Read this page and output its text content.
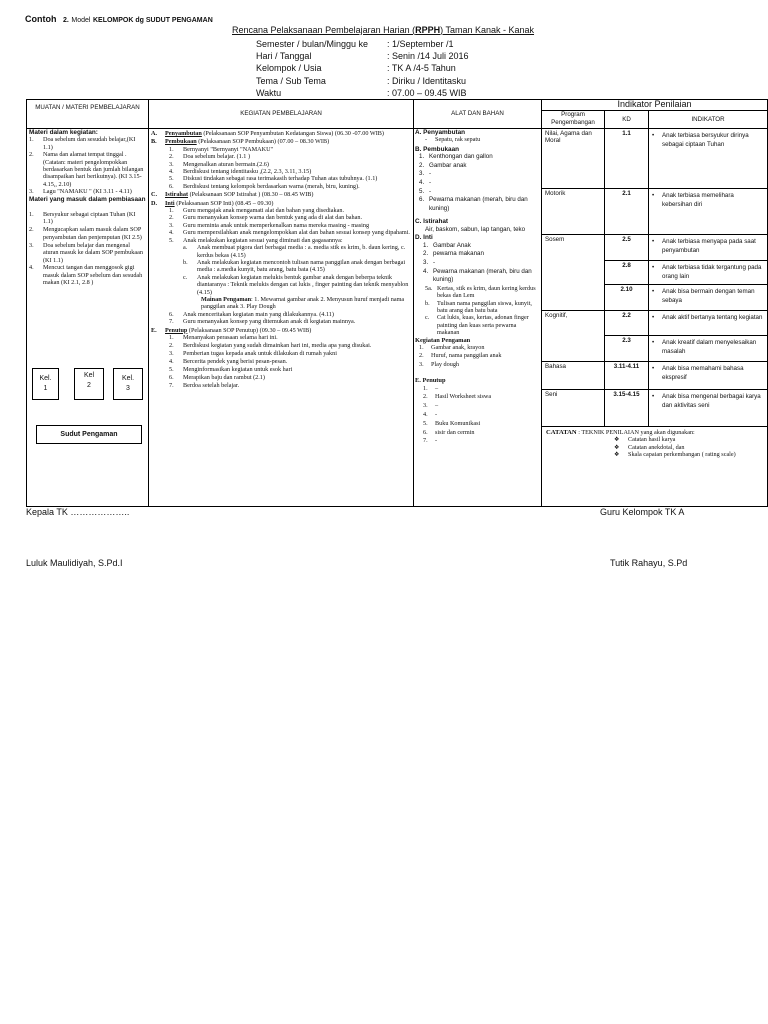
Contoh 2. Model KELOMPOK dg SUDUT PENGAMAN
Rencana Pelaksanaan Pembelajaran Harian (RPPH) Taman Kanak - Kanak
Semester / bulan/Minggu ke	: 1/September /1
Hari / Tanggal	: Senin /14 Juli 2016
Kelompok / Usia	: TK A /4-5 Tahun
Tema / Sub Tema	: Diriku / Identitasku
Waktu	: 07.00 – 09.45 WIB
MUATAN / MATERI PEMBELAJARAN
KEGIATAN PEMBELAJARAN	ALAT DAN BAHAN
Indikator Penilaian
Program Pengembangan	KD	INDIKATOR
Materi dalam kegiatan:
1.	Doa sebelum dan sesudah belajar,(KI 1.1)
2.	Nama dan alamat tempat tinggal . (Catatan: materi pengelompokkan berdasarkan bentuk dan jumlah bilangan disampaikan hari berikutnya). (KI 3.15-4.15,, 2.10)
3.	Lagu "NAMAKU " (KI 3.11 - 4.11)
Materi yang masuk dalam pembiasaan
1.	Bersyukur sebagai ciptaan Tuhan (KI 1.1)
2.	Mengucapkan salam masuk dalam SOP penyambutan dan penjemputan (KI 2.5)
3.	Doa sebelum belajar dan mengenal aturan masuk ke dalam SOP pembukaan (KI 1.1)
4.	Mencuci tangan dan menggosok gigi masuk dalam SOP sebelum dan sesudah makan (KI 2.1, 2.8 )
Kel.
1
Kel
2
Kel.
3
Sudut Pengaman
A.	Penyambutan (Pelaksanaan SOP Penyambutan Kedatangan Siswa) (06.30 -07.00 WIB)
B.	Pembukaan (Pelaksanaan SOP Pembukaan) (07.00 – 08.30 WIB)
1.	Bernyanyi "Bernyanyi "NAMAKU"
2.	Doa sebelum belajar. (1.1 )
3.	Mengenalkan aturan bermain.(2.6)
4.	Berdiskusi tentang identitasku ,(2.2, 2.3, 3.11, 3.15)
5.	Diskusi tindakan sebagai rasa terimakasih terhadap Tuhan atas tubuhnya. (1.1)
6.	Berdiskusi tentang kelompok berdasarkan warna (merah, biru, kuning).
C.	Istirahat (Pelaksanaan SOP Istirahat ) (08.30 – 08.45 WIB)
D.	Inti (Pelaksanaan SOP Inti) (08.45 – 09.30)
1.	Guru mengajak anak mengamati alat dan bahan yang disediakan.
2.	Guru menanyakan konsep warna dan bentuk yang ada di alat dan bahan.
3.	Guru meminta anak untuk memperkenalkan nama mereka masing - masing
4.	Guru mempersilahkan anak mengelompokkan alat dan bahan sesuai konsep yang dipahami.
5.	Anak melakukan kegiatan sesuai yang diminati dan gagasannya:
a.	Anak membuat pigora dari berbagai media : a. media stik es krim, b. daun kering, c. kerdus bekas (4.15)
b.	Anak melakukan kegiatan mencontoh tulisan nama panggilan anak dengan berbagai media : a.media kunyit, batu arang, batu bata (4.15)
c.	Anak melakukan kegiatan melukis bentuk gambar anak dengan beberpa teknik diantaranya : Teknik melukis dengan cat lukis , finger painting dan teknik menyablon (4.15)
Mainan Pengaman: 1. Mewarnai gambar anak 2. Menyusun huruf menjadi nama panggilan anak 3. Play Dough
6.	Anak menceritakan kegiatan main yang dilakukannya. (4.11)
7.	Guru menanyakan konsep yang ditemukan anak di kegiatan mainnya.
E.	Penutup (Pelaksanaan SOP Penutup) (09.30 – 09.45 WIB)
1.	Menanyakan perasaan selama hari ini.
2.	Berdiskusi kegiatan yang sudah dimainkan hari ini, media apa yang disukai.
3.	Pemberian tugas kepada anak untuk dilakukan di rumah yakni
4.	Bercerita pendek yang berisi pesan-pesan.
5.	Menginformasikan kegiatan untuk esok hari
6.	Merapikan baju dan rambut (2.1)
7.	Berdoa setelah belajar.
A. Penyambutan
-	Sepatu, rak sepatu
B. Pembukaan
1. Kenthongan dan gallon
2. Gambar anak
3. -
4. -
5. -
6. Pewarna makanan (merah, biru dan kuning)
C. Istirahat
Air, baskom, sabun, lap tangan, teko
D. Inti
1. Gambar Anak
2. pewarna makanan
3. -
4. Pewarna makanan (merah, biru dan kuning)
5a. Kertas, stik es krim, daun kering kerdus bekas dan Lem
b.	Tulisan nama panggilan siswa, kunyit, batu arang dan batu bata
c.	Cat lukis, kuas, kertas, adonan finger painting dan kuas serta pewarna makanan
Kegiatan Pengaman
1.	Gambar anak, krayon
2.	Huruf, nama panggilan anak
3.	Play dough
E. Penutup
1.	–
2.	Hasil Worksheet siswa
3.	–
4.	-
5.	Buku Komunikasi
6.	sisir dan cermin
7.	-
Nilai, Agama dan Moral
1.1	•	Anak terbiasa bersyukur dirinya sebagai ciptaan Tuhan
Motorik	2.1	•	Anak terbiasa memelihara kebersihan diri
Sosem	2.5	•	Anak terbiasa menyapa pada saat penyambutan
2.8	•	Anak terbiasa tidak tergantung pada orang lain
2.10	•	Anak bisa bermain dengan teman sebaya
Kognitif,	2.2	•	Anak aktif bertanya tentang kegiatan
2.3	•	Anak kreatif dalam menyelesaikan masalah
Bahasa	3.11-4.11	•	Anak bisa memahami bahasa ekspresif
Seni	3.15-4.15	•	Anak bisa mengenal berbagai karya dan aktivitas seni
CATATAN : TEKNIK PENILAIAN yang akan digunakan:
❖	Catatan hasil karya
❖	Catatan anekdotal, dan
❖	Skala capaian perkembangan ( rating scale)
Kepala TK ………………..	Guru Kelompok TK A
Luluk Maulidiyah, S.Pd.I	Tutik Rahayu, S.Pd
